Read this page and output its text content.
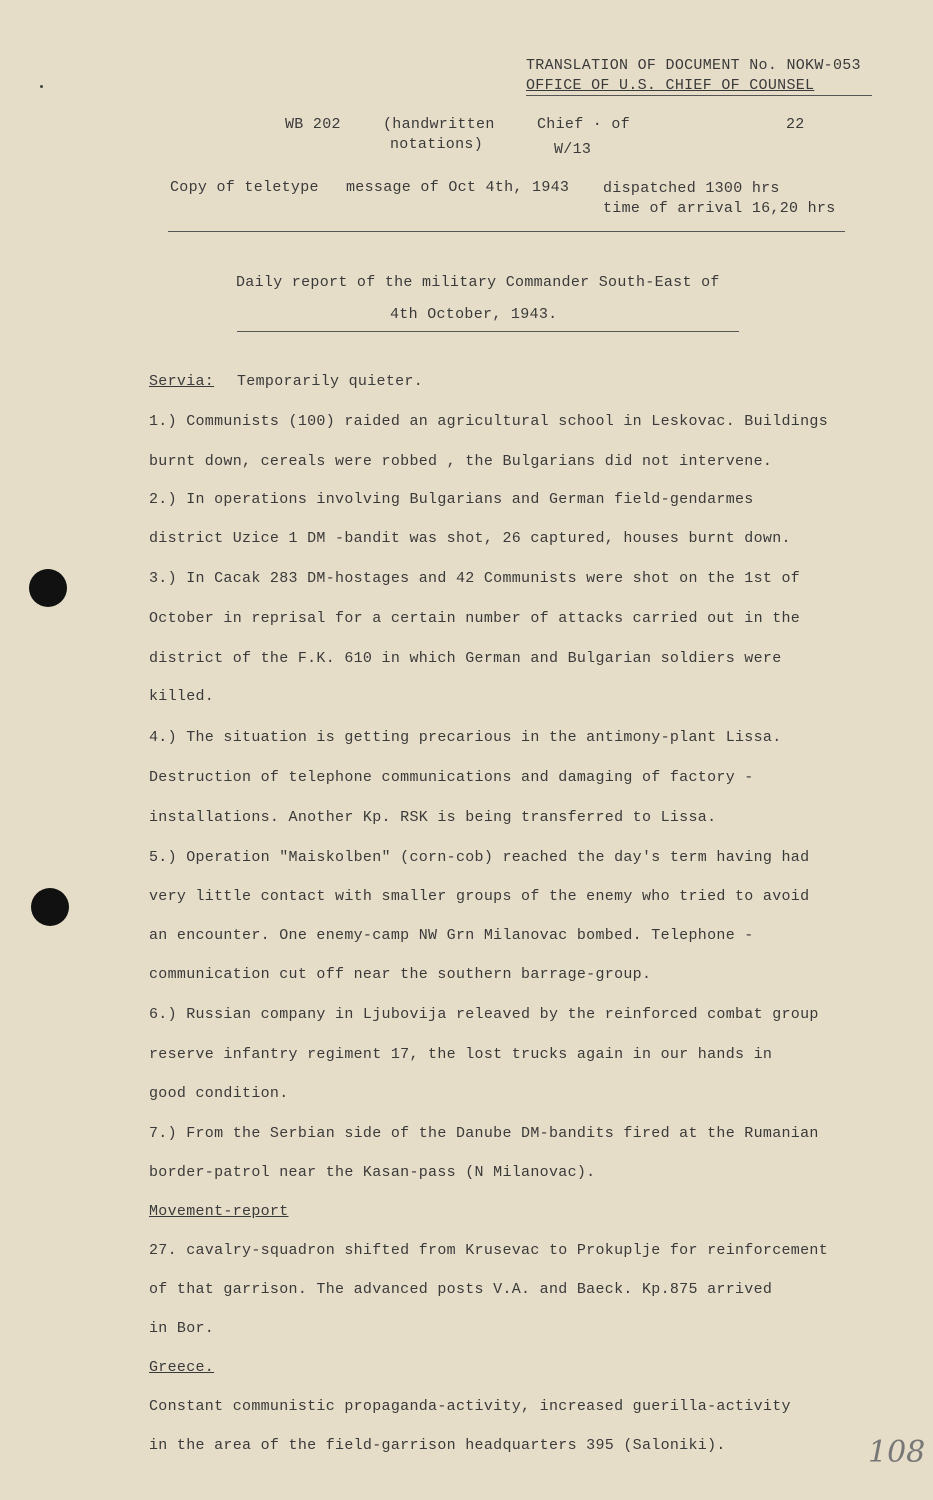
TRANSLATION OF DOCUMENT No. NOKW-053
OFFICE OF U.S. CHIEF OF COUNSEL
WB 202	(handwritten
notations)
Chief · of
W/13
22
Copy of teletype message of Oct 4th, 1943 dispatched 1300 hrs
time of arrival 16,20 hrs
Daily report of the military Commander South-East of
4th October, 1943.
Servia: Temporarily quieter.
1.) Communists (100) raided an agricultural school in Leskovac. Buildings
burnt down, cereals were robbed , the Bulgarians did not intervene.
2.) In operations involving Bulgarians and German field-gendarmes
district Uzice 1 DM -bandit was shot, 26 captured, houses burnt down.
3.) In Cacak 283 DM-hostages and 42 Communists were shot on the 1st of
October in reprisal for a certain number of attacks carried out in the
district of the F.K. 610 in which German and Bulgarian soldiers were
killed.
4.) The situation is getting precarious in the antimony-plant Lissa.
Destruction of telephone communications and damaging of factory -
installations. Another Kp. RSK is being transferred to Lissa.
5.) Operation "Maiskolben" (corn-cob) reached the day's term having had
very little contact with smaller groups of the enemy who tried to avoid
an encounter. One enemy-camp NW Grn Milanovac bombed. Telephone -
communication cut off near the southern barrage-group.
6.) Russian company in Ljubovija releaved by the reinforced combat group
reserve infantry regiment 17, the lost trucks again in our hands in
good condition.
7.) From the Serbian side of the Danube DM-bandits fired at the Rumanian
border-patrol near the Kasan-pass (N Milanovac).
Movement-report
27. cavalry-squadron shifted from Krusevac to Prokuplje for reinforcement
of that garrison. The advanced posts V.A. and Baeck. Kp.875 arrived
in Bor.
Greece.
Constant communistic propaganda-activity, increased guerilla-activity
in the area of the field-garrison headquarters 395 (Saloniki).	108
